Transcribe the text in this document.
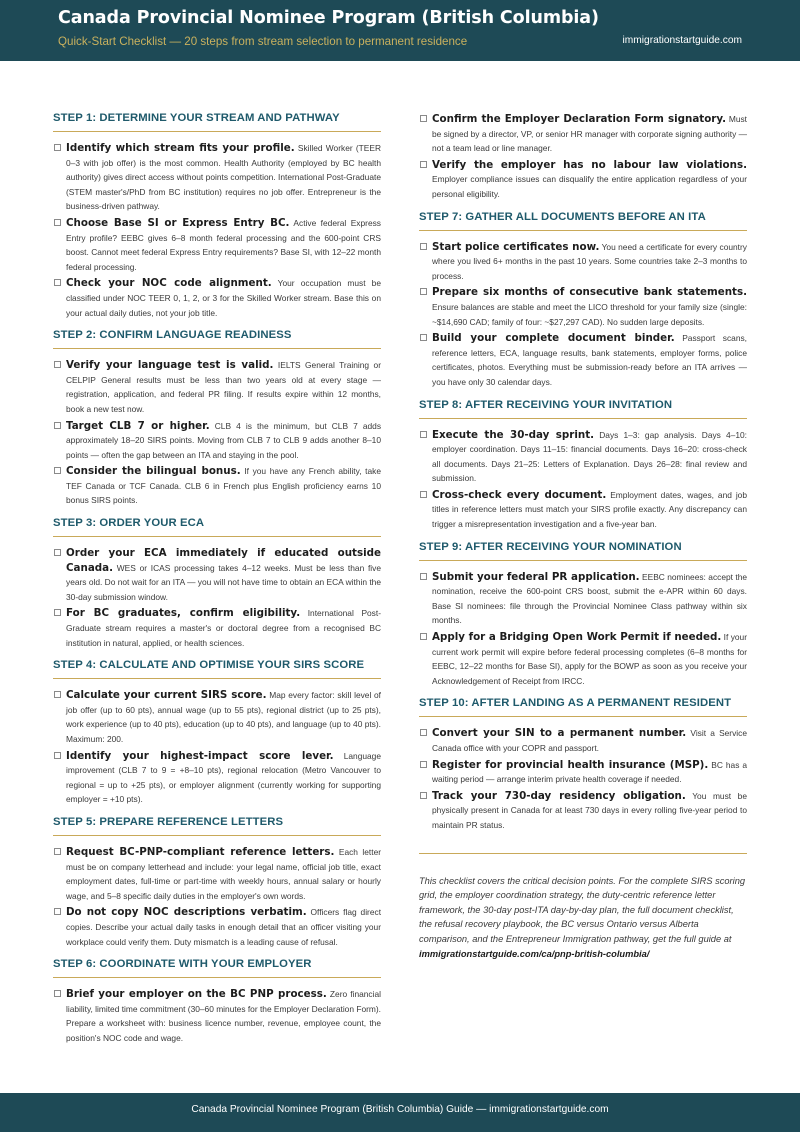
Canada Provincial Nominee Program (British Columbia)
Quick-Start Checklist — 20 steps from stream selection to permanent residence	immigrationstartguide.com
STEP 1: DETERMINE YOUR STREAM AND PATHWAY
Identify which stream fits your profile. Skilled Worker (TEER 0–3 with job offer) is the most common. Health Authority (employed by BC health authority) gives direct access without points competition. International Post-Graduate (STEM master's/PhD from BC institution) requires no job offer. Entrepreneur is the business-driven pathway.
Choose Base SI or Express Entry BC. Active federal Express Entry profile? EEBC gives 6–8 month federal processing and the 600-point CRS boost. Cannot meet federal Express Entry requirements? Base SI, with 12–22 month federal processing.
Check your NOC code alignment. Your occupation must be classified under NOC TEER 0, 1, 2, or 3 for the Skilled Worker stream. Base this on your actual daily duties, not your job title.
STEP 2: CONFIRM LANGUAGE READINESS
Verify your language test is valid. IELTS General Training or CELPIP General results must be less than two years old at every stage — registration, application, and federal PR filing. If results expire within 12 months, book a new test now.
Target CLB 7 or higher. CLB 4 is the minimum, but CLB 7 adds approximately 18–20 SIRS points. Moving from CLB 7 to CLB 9 adds another 8–10 points — often the gap between an ITA and staying in the pool.
Consider the bilingual bonus. If you have any French ability, take TEF Canada or TCF Canada. CLB 6 in French plus English proficiency earns 10 bonus SIRS points.
STEP 3: ORDER YOUR ECA
Order your ECA immediately if educated outside Canada. WES or ICAS processing takes 4–12 weeks. Must be less than five years old. Do not wait for an ITA — you will not have time to obtain an ECA within the 30-day submission window.
For BC graduates, confirm eligibility. International Post-Graduate stream requires a master's or doctoral degree from a recognised BC institution in natural, applied, or health sciences.
STEP 4: CALCULATE AND OPTIMISE YOUR SIRS SCORE
Calculate your current SIRS score. Map every factor: skill level of job offer (up to 60 pts), annual wage (up to 55 pts), regional district (up to 25 pts), work experience (up to 40 pts), education (up to 40 pts), and language (up to 40 pts). Maximum: 200.
Identify your highest-impact score lever. Language improvement (CLB 7 to 9 = +8–10 pts), regional relocation (Metro Vancouver to regional = up to +25 pts), or employer alignment (currently working for supporting employer = +10 pts).
STEP 5: PREPARE REFERENCE LETTERS
Request BC-PNP-compliant reference letters. Each letter must be on company letterhead and include: your legal name, official job title, exact employment dates, full-time or part-time with weekly hours, annual salary or hourly wage, and 5–8 specific daily duties in the employer's own words.
Do not copy NOC descriptions verbatim. Officers flag direct copies. Describe your actual daily tasks in enough detail that an officer visiting your workplace could verify them. Duty mismatch is a leading cause of refusal.
STEP 6: COORDINATE WITH YOUR EMPLOYER
Brief your employer on the BC PNP process. Zero financial liability, limited time commitment (30–60 minutes for the Employer Declaration Form). Prepare a worksheet with: business licence number, revenue, employee count, the position's NOC code and wage.
Confirm the Employer Declaration Form signatory. Must be signed by a director, VP, or senior HR manager with corporate signing authority — not a team lead or line manager.
Verify the employer has no labour law violations. Employer compliance issues can disqualify the entire application regardless of your personal eligibility.
STEP 7: GATHER ALL DOCUMENTS BEFORE AN ITA
Start police certificates now. You need a certificate for every country where you lived 6+ months in the past 10 years. Some countries take 2–3 months to process.
Prepare six months of consecutive bank statements. Ensure balances are stable and meet the LICO threshold for your family size (single: ~$14,690 CAD; family of four: ~$27,297 CAD). No sudden large deposits.
Build your complete document binder. Passport scans, reference letters, ECA, language results, bank statements, employer forms, police certificates, photos. Everything must be submission-ready before an ITA arrives — you have only 30 calendar days.
STEP 8: AFTER RECEIVING YOUR INVITATION
Execute the 30-day sprint. Days 1–3: gap analysis. Days 4–10: employer coordination. Days 11–15: financial documents. Days 16–20: cross-check all documents. Days 21–25: Letters of Explanation. Days 26–28: final review and submission.
Cross-check every document. Employment dates, wages, and job titles in reference letters must match your SIRS profile exactly. Any discrepancy can trigger a misrepresentation investigation and a five-year ban.
STEP 9: AFTER RECEIVING YOUR NOMINATION
Submit your federal PR application. EEBC nominees: accept the nomination, receive the 600-point CRS boost, submit the e-APR within 60 days. Base SI nominees: file through the Provincial Nominee Class pathway within six months.
Apply for a Bridging Open Work Permit if needed. If your current work permit will expire before federal processing completes (6–8 months for EEBC, 12–22 months for Base SI), apply for the BOWP as soon as you receive your Acknowledgement of Receipt from IRCC.
STEP 10: AFTER LANDING AS A PERMANENT RESIDENT
Convert your SIN to a permanent number. Visit a Service Canada office with your COPR and passport.
Register for provincial health insurance (MSP). BC has a waiting period — arrange interim private health coverage if needed.
Track your 730-day residency obligation. You must be physically present in Canada for at least 730 days in every rolling five-year period to maintain PR status.
This checklist covers the critical decision points. For the complete SIRS scoring grid, the employer coordination strategy, the duty-centric reference letter framework, the 30-day post-ITA day-by-day plan, the full document checklist, the refusal recovery playbook, the BC versus Ontario versus Alberta comparison, and the Entrepreneur Immigration pathway, get the full guide at immigrationstartguide.com/ca/pnp-british-columbia/
Canada Provincial Nominee Program (British Columbia) Guide — immigrationstartguide.com
